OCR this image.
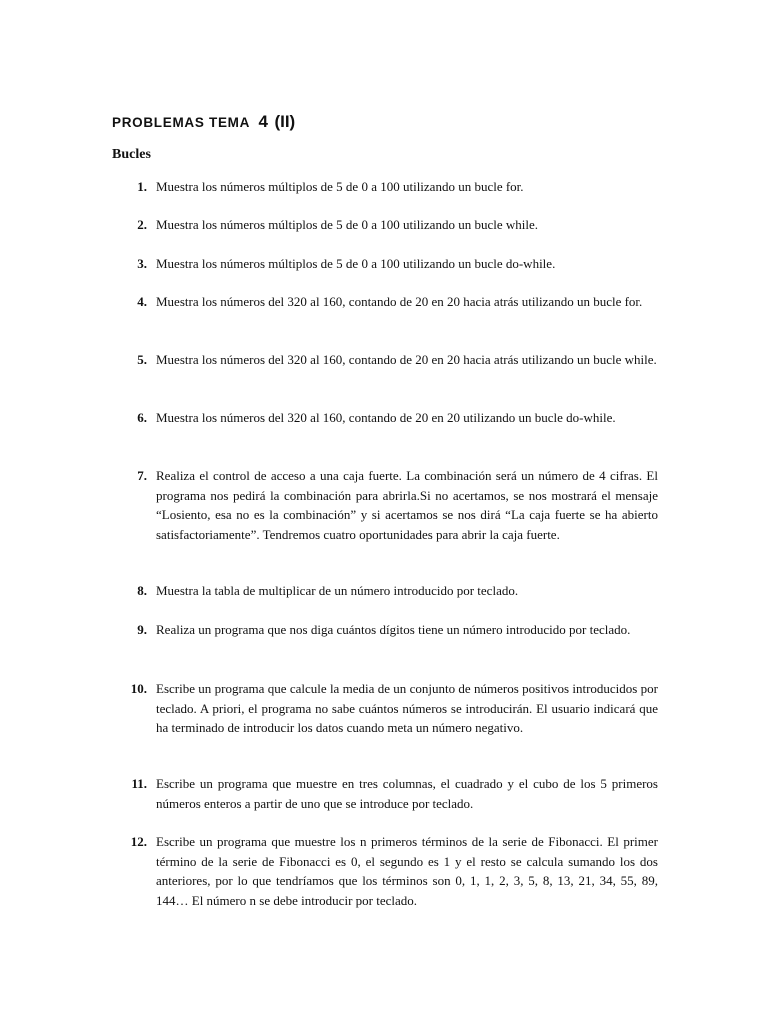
PROBLEMAS TEMA 4 (II)
Bucles
1. Muestra los números múltiplos de 5 de 0 a 100 utilizando un bucle for.
2. Muestra los números múltiplos de 5 de 0 a 100 utilizando un bucle while.
3. Muestra los números múltiplos de 5 de 0 a 100 utilizando un bucle do-while.
4. Muestra los números del 320 al 160, contando de 20 en 20 hacia atrás utilizando un bucle for.
5. Muestra los números del 320 al 160, contando de 20 en 20 hacia atrás utilizando un bucle while.
6. Muestra los números del 320 al 160, contando de 20 en 20 utilizando un bucle do-while.
7. Realiza el control de acceso a una caja fuerte. La combinación será un número de 4 cifras. El programa nos pedirá la combinación para abrirla.Si no acertamos, se nos mostrará el mensaje “Losiento, esa no es la combinación” y si acertamos se nos dirá “La caja fuerte se ha abierto satisfactoriamente”. Tendremos cuatro oportunidades para abrir la caja fuerte.
8. Muestra la tabla de multiplicar de un número introducido por teclado.
9. Realiza un programa que nos diga cuántos dígitos tiene un número introducido por teclado.
10. Escribe un programa que calcule la media de un conjunto de números positivos introducidos por teclado. A priori, el programa no sabe cuántos números se introducirán. El usuario indicará que ha terminado de introducir los datos cuando meta un número negativo.
11. Escribe un programa que muestre en tres columnas, el cuadrado y el cubo de los 5 primeros números enteros a partir de uno que se introduce por teclado.
12. Escribe un programa que muestre los n primeros términos de la serie de Fibonacci. El primer término de la serie de Fibonacci es 0, el segundo es 1 y el resto se calcula sumando los dos anteriores, por lo que tendríamos que los términos son 0, 1, 1, 2, 3, 5, 8, 13, 21, 34, 55, 89, 144… El número n se debe introducir por teclado.
